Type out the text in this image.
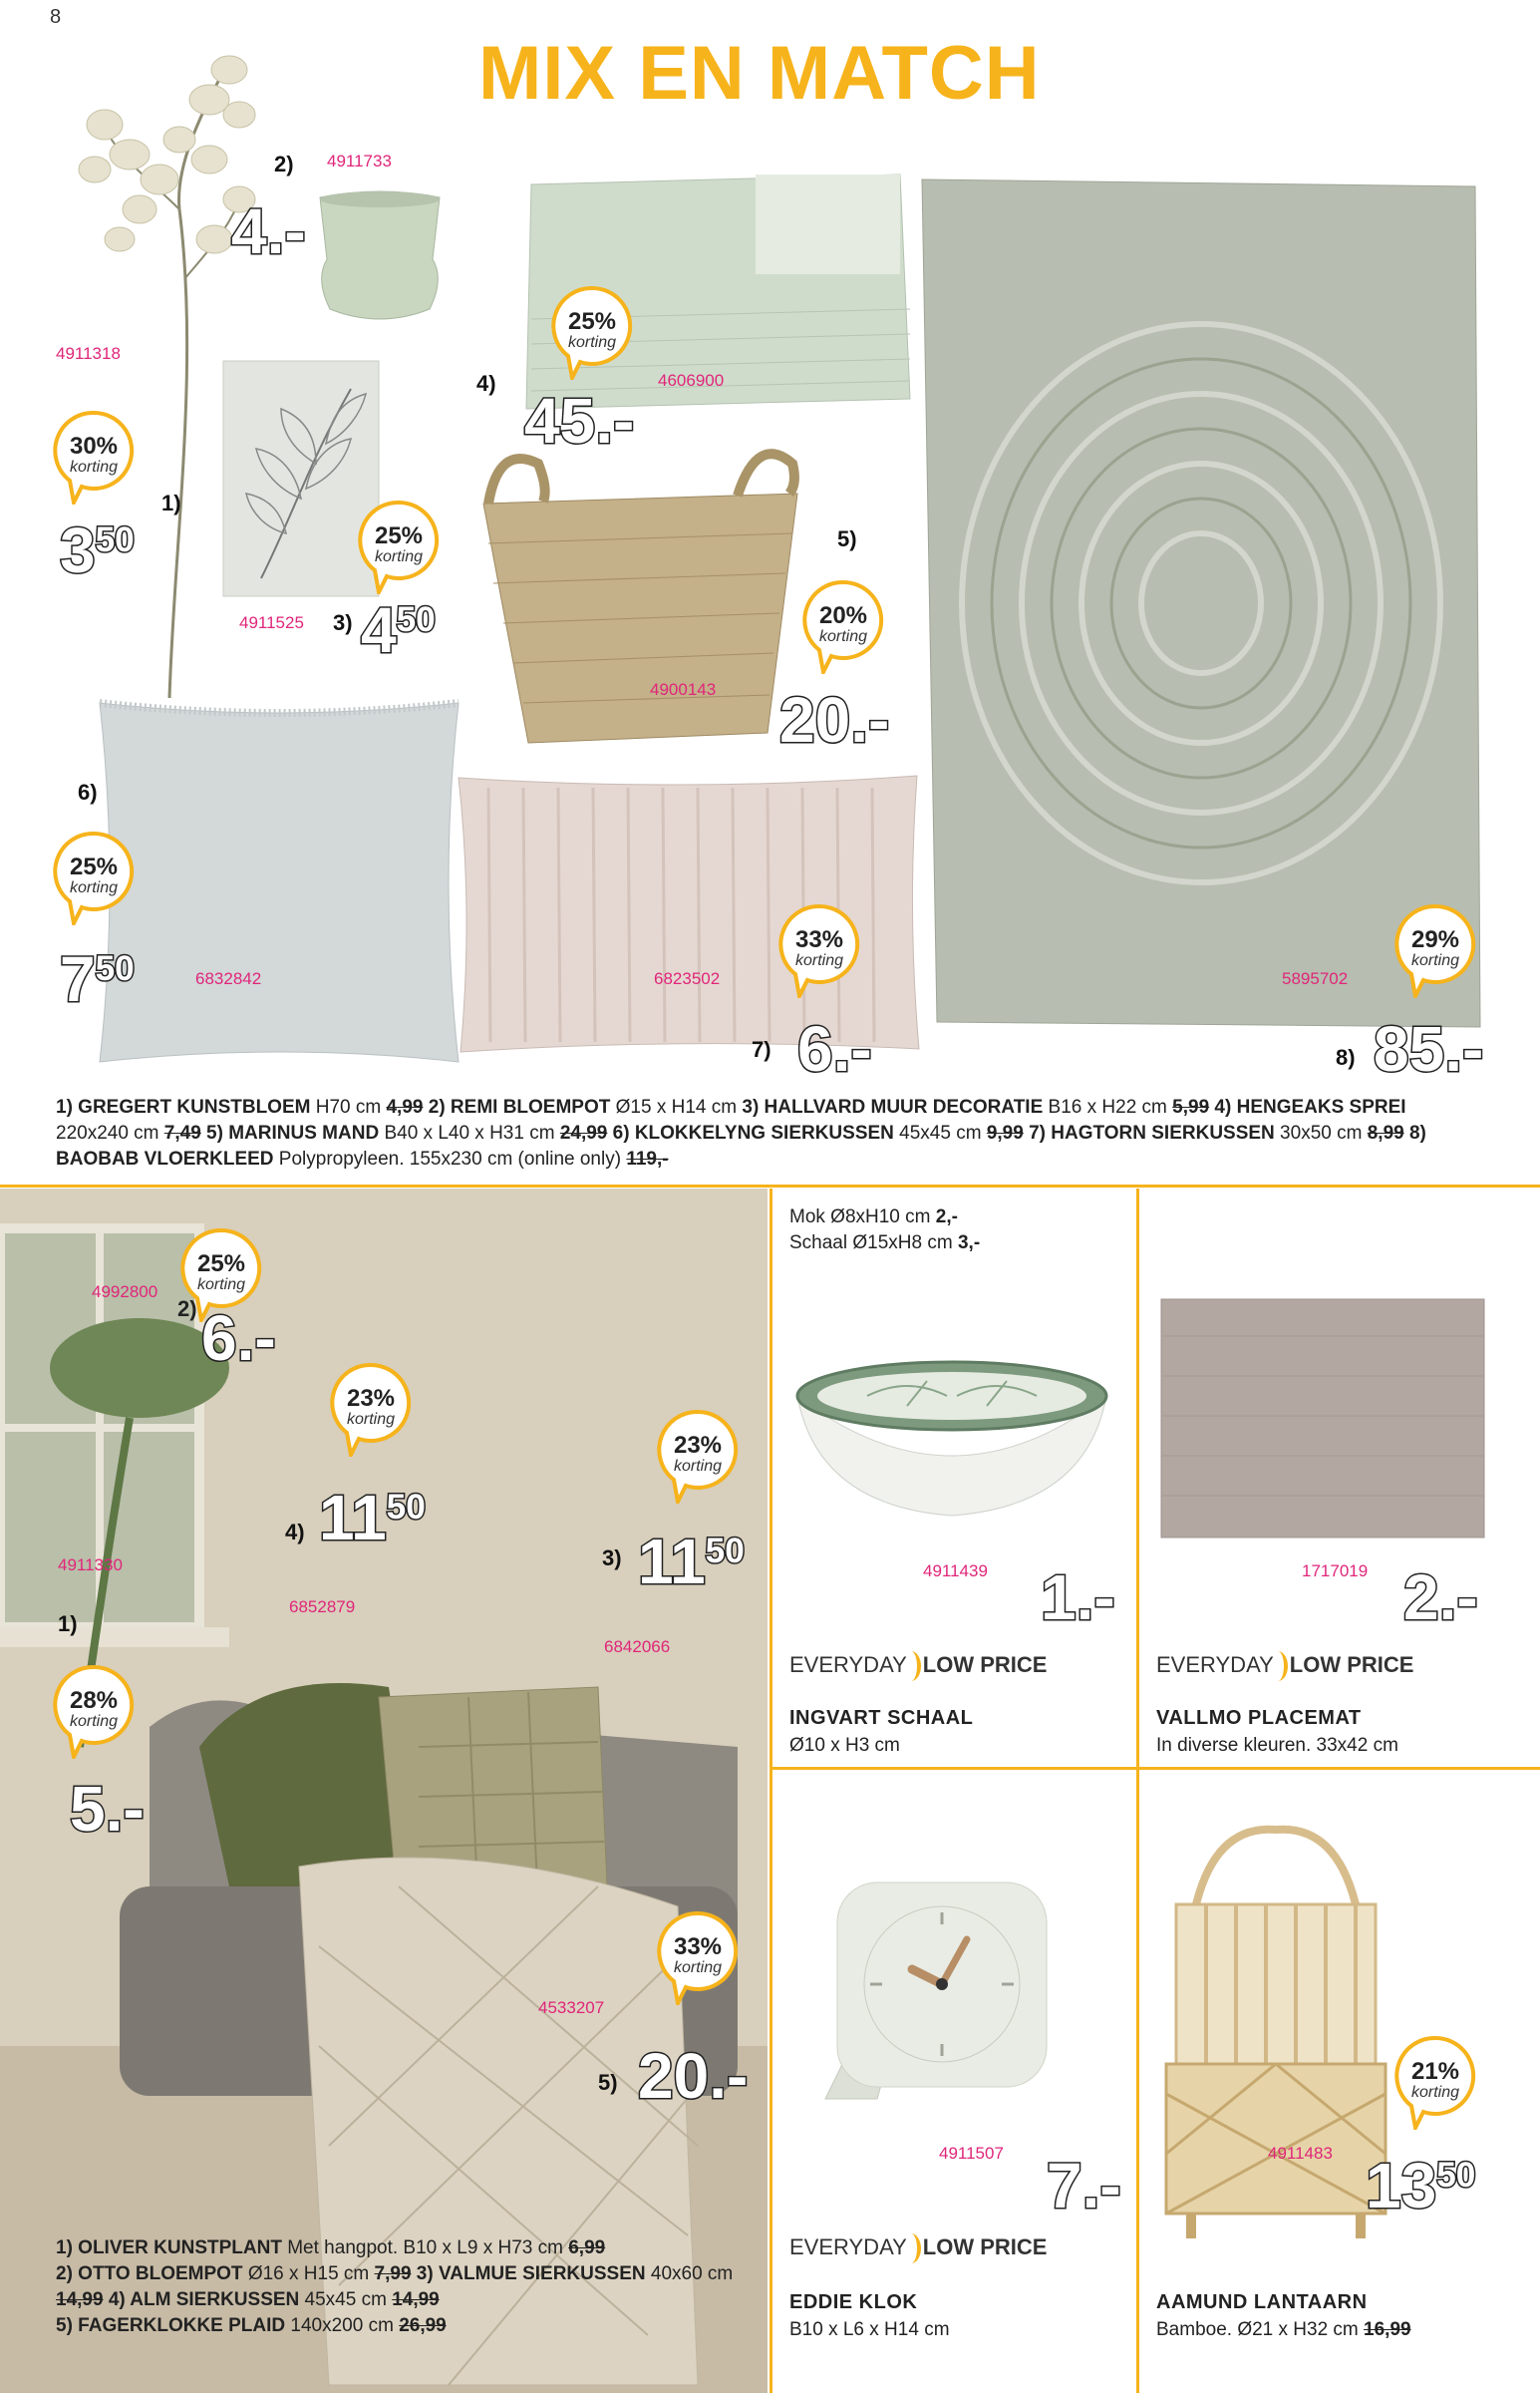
8
MIX EN MATCH
4911318
1)
30%
korting
$3^{50}$
2) 4911733
4.-
25%
korting
4911525 3) $4^{50}$
25%
korting
4)	4606900
45.-
5)
20%
korting
4900143 20.-
6)
25%
korting
6832842
$7^{50}$
33%
korting
6823502
7) 6.-
29%
korting
5895702
8) 85.-
1) GREGERT KUNSTBLOEM H70 cm 4,99 2) REMI BLOEMPOT Ø15 x H14 cm 3) HALLVARD MUUR DECORATIE B16 x H22 cm 5,99 4) HENGEAKS SPREI 220x240 cm 7,49 5) MARINUS MAND B40 x L40 x H31 cm 24,99 6) KLOKKELYNG SIERKUSSEN 45x45 cm 9,99 7) HAGTORN SIERKUSSEN 30x50 cm 8,99 8) BAOBAB VLOERKLEED Polypropyleen. 155x230 cm (online only) 119,-
25%
korting
4992800
2) 6.-
23%
korting
4) $11^{50}$
6852879
23%
korting
3) $11^{50}$
6842066
4911330
1)
28%
korting
5.-
33%
korting
4533207
5) 20.-
1) OLIVER KUNSTPLANT Met hangpot. B10 x L9 x H73 cm 6,99
2) OTTO BLOEMPOT Ø16 x H15 cm 7,99 3) VALMUE SIERKUSSEN 40x60 cm 14,99 4) ALM SIERKUSSEN 45x45 cm 14,99
5) FAGERKLOKKE PLAID 140x200 cm 26,99
Mok Ø8xH10 cm 2,-
Schaal Ø15xH8 cm 3,-
4911439 1.-
EVERYDAY LOW PRICE
INGVART SCHAAL
Ø10 x H3 cm
1717019 2.-
EVERYDAY LOW PRICE
VALLMO PLACEMAT
In diverse kleuren. 33x42 cm
4911507 7.-
EVERYDAY LOW PRICE
EDDIE KLOK
B10 x L6 x H14 cm
21%
korting
4911483 $13^{50}$
AAMUND LANTAARN
Bamboe. Ø21 x H32 cm 16,99
